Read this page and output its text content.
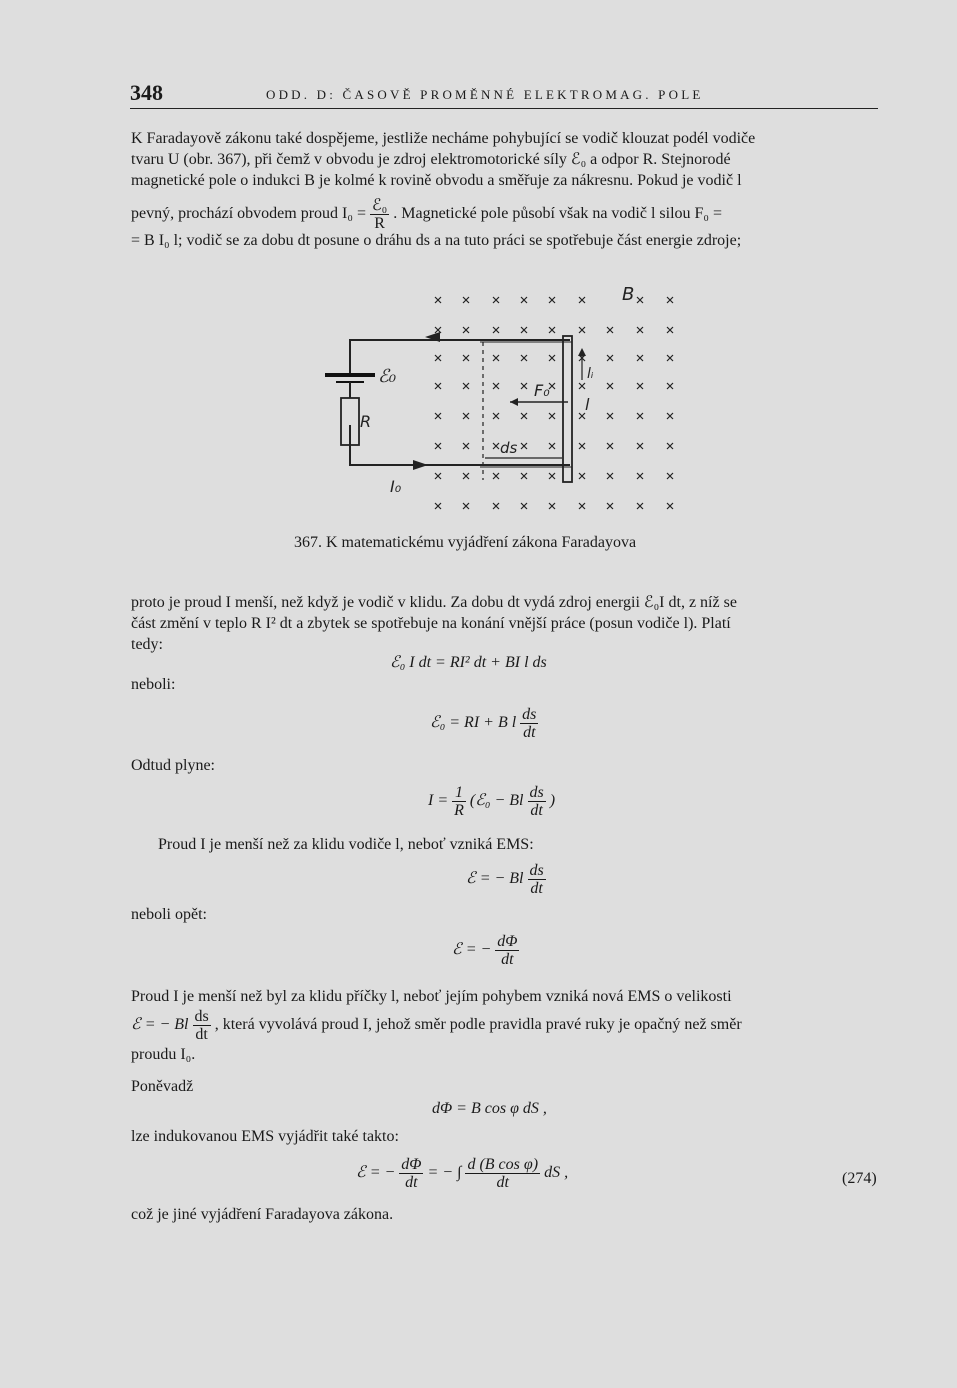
348	ODD. D: ČASOVĚ PROMĚNNÉ ELEKTROMAG. POLE
K Faradayově zákonu také dospějeme, jestliže necháme pohybující se vodič klouzat podél vodiče
tvaru U (obr. 367), při čemž v obvodu je zdroj elektromotorické síly ℰ₀ a odpor R. Stejnorodé
magnetické pole o indukci B je kolmé k rovině obvodu a směřuje za nákresnu. Pokud je vodič l
pevný, prochází obvodem proud $I_0 = \frac{\text{ℰ₀}}{R}$ . Magnetické pole působí však na vodič l silou F₀ =
= B I₀ l; vodič se za dobu dt posune o dráhu ds a na tuto práci se spotřebuje část energie zdroje;
B
ℰ₀
R
I₀
F₀
ds
l
lᵢ
367. K matematickému vyjádření zákona Faradayova
proto je proud I menší, než když je vodič v klidu. Za dobu dt vydá zdroj energii ℰ₀I dt, z níž se
část změní v teplo R I² dt a zbytek se spotřebuje na konání vnější práce (posun vodiče l). Platí
tedy:
ℰ₀ I dt = RI² dt + BI l ds
neboli:
ℰ₀ = RI + B l $\frac{ds}{dt}$
Odtud plyne:
$I = \frac{1}{R}$ (ℰ₀ − Bl $\frac{ds}{dt}$ )
Proud I je menší než za klidu vodiče l, neboť vzniká EMS:
ℰ = − Bl $\frac{ds}{dt}$
neboli opět:
ℰ = − $\frac{d\Phi}{dt}$
Proud I je menší než byl za klidu příčky l, neboť jejím pohybem vzniká nová EMS o velikosti
ℰ = − Bl $\frac{ds}{dt}$ , která vyvolává proud I, jehož směr podle pravidla pravé ruky je opačný než směr
proudu I₀.
Poněvadž
dΦ = B cos φ dS ,
lze indukovanou EMS vyjádřit také takto:
ℰ = − $\frac{d\Phi}{dt}$ = − ∫ $\frac{\text{d (B cos φ)}}{dt}$ dS ,	(274)
což je jiné vyjádření Faradayova zákona.
